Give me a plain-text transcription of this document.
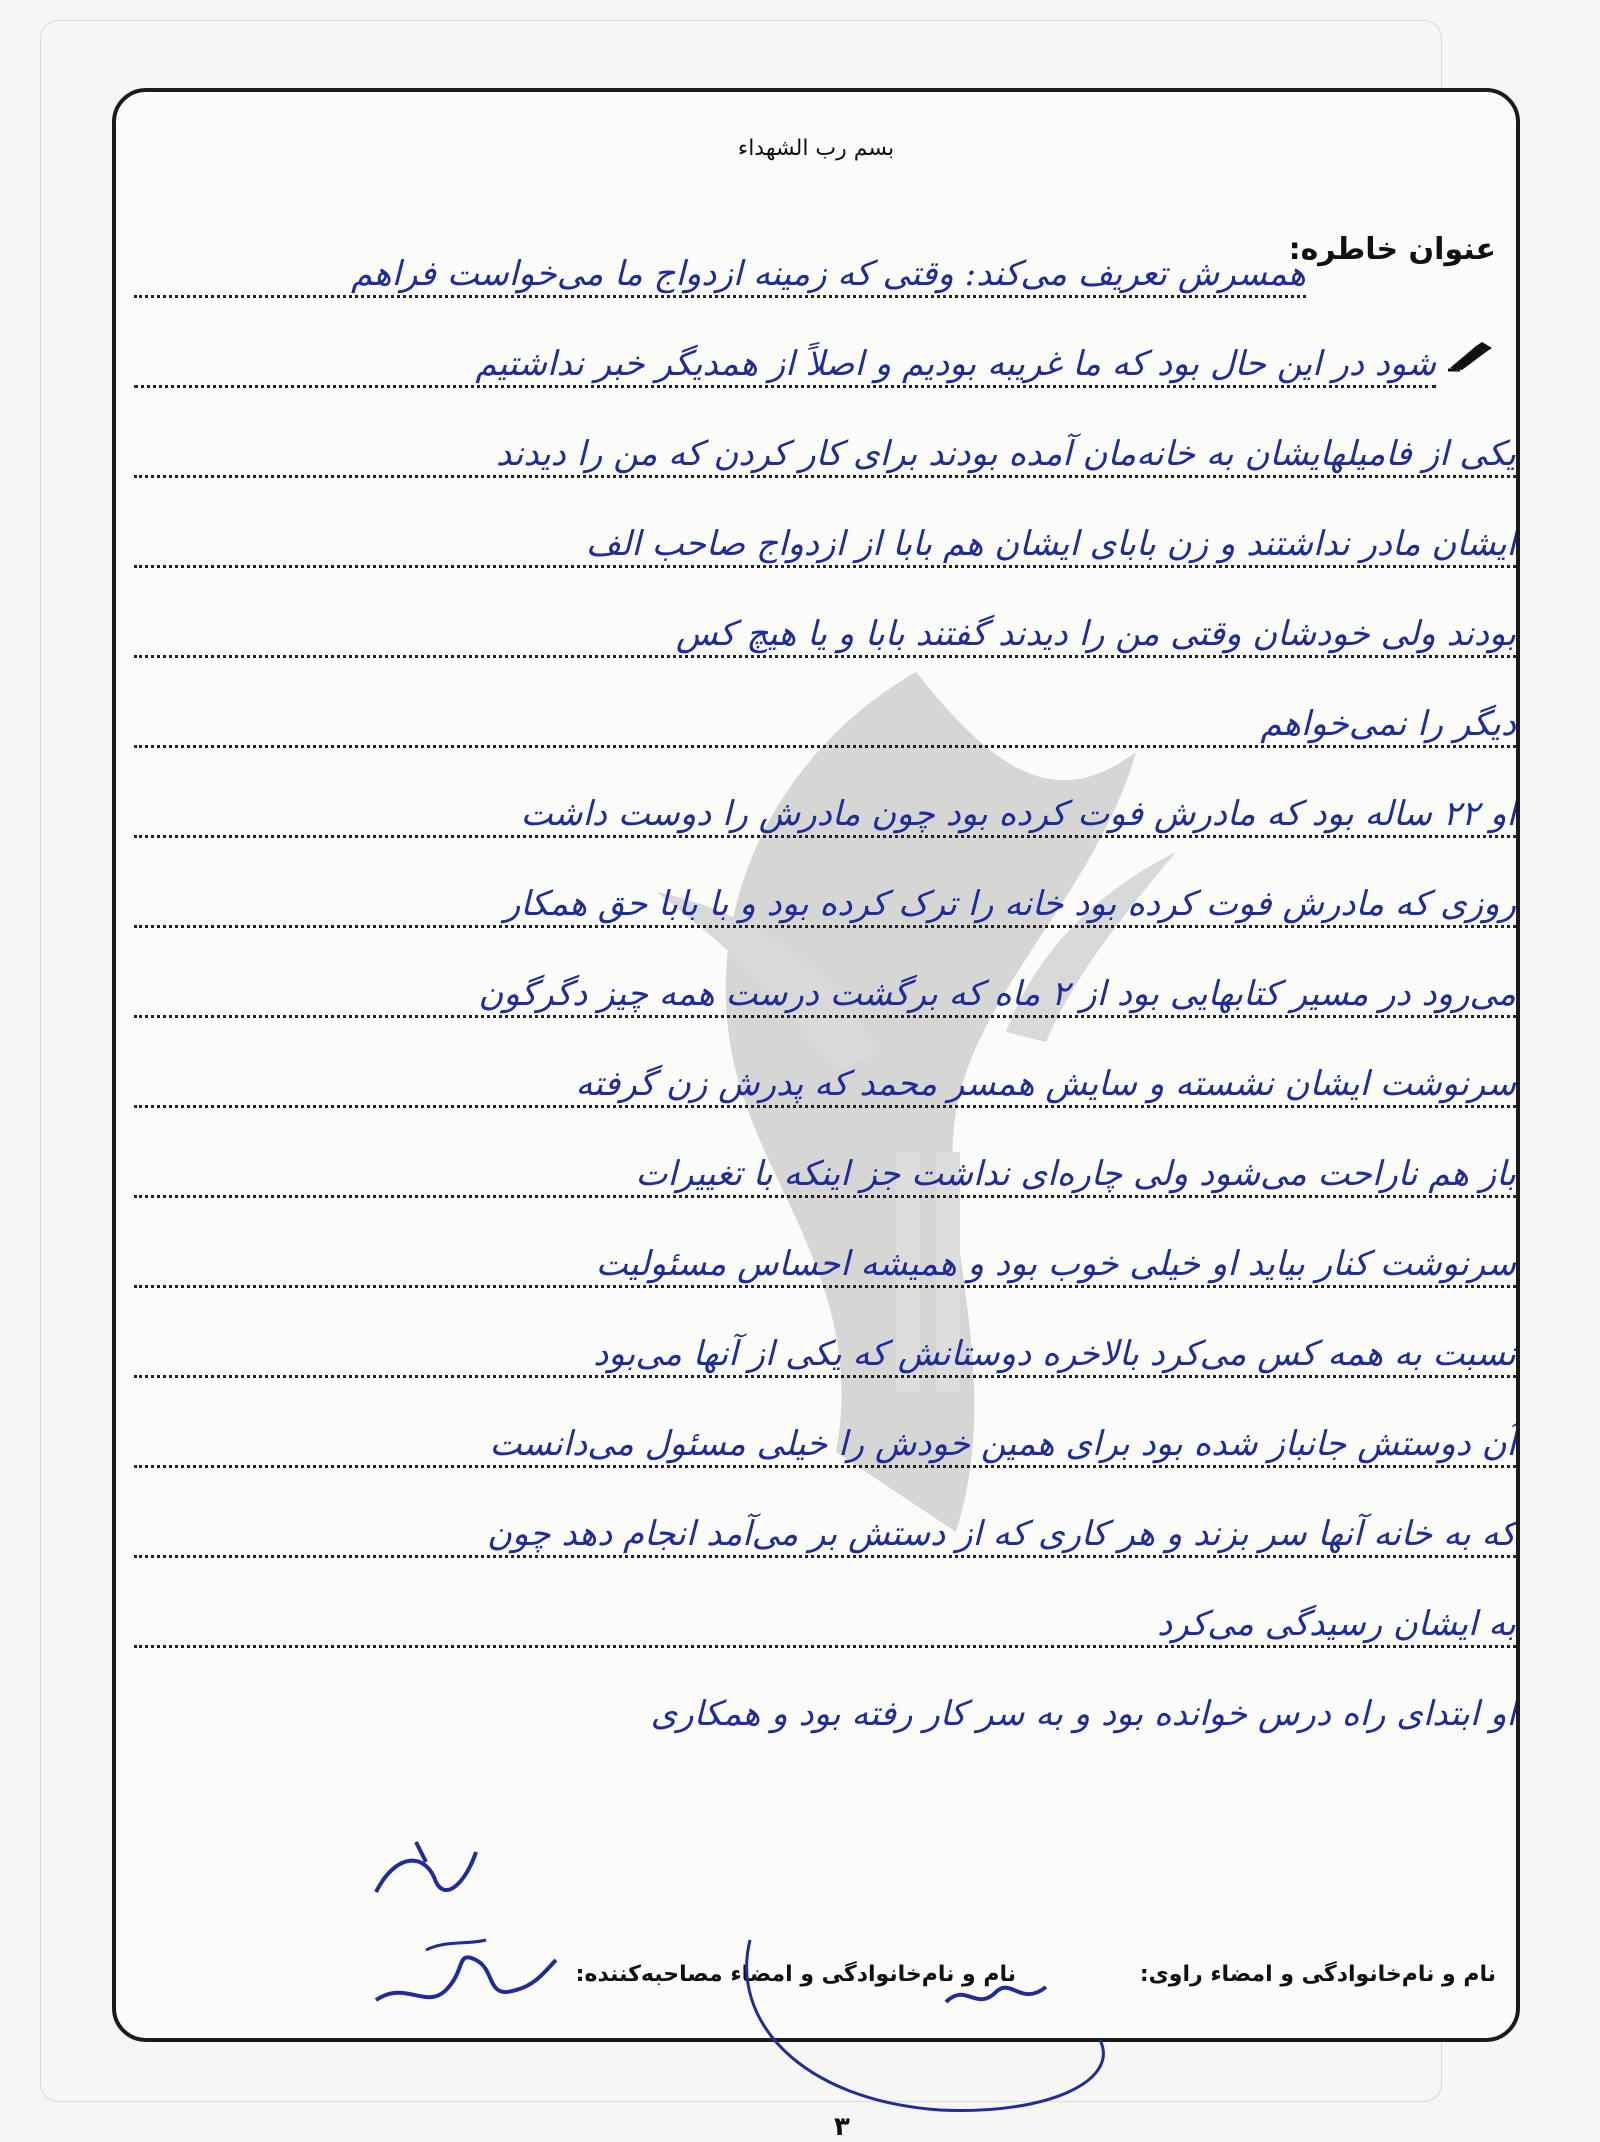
بسم رب الشهداء
عنوان خاطره:
همسرش تعریف می‌کند: وقتی که زمینه ازدواج ما می‌خواست فراهم
شود در این حال بود که ما غریبه بودیم و اصلاً از همدیگر خبر نداشتیم
یکی از فامیلهایشان به خانه‌مان آمده بودند برای کار کردن که من را دیدند
ایشان مادر نداشتند و زن بابای ایشان هم بابا از ازدواج صاحب الف
بودند ولی خودشان وقتی من را دیدند گفتند بابا و یا هیچ کس
دیگر را نمی‌خواهم
او ۲۲ ساله بود که مادرش فوت کرده بود چون مادرش را دوست داشت
روزی که مادرش فوت کرده بود خانه را ترک کرده بود و با بابا حق همکار
می‌رود در مسیر کتابهایی بود از ۲ ماه که برگشت درست همه چیز دگرگون
سرنوشت ایشان نشسته و سایش همسر محمد که پدرش زن گرفته
باز هم ناراحت می‌شود ولی چاره‌ای نداشت جز اینکه با تغییرات
سرنوشت کنار بیاید او خیلی خوب بود و همیشه احساس مسئولیت
نسبت به همه کس می‌کرد بالاخره دوستانش که یکی از آنها می‌بود
آن دوستش جانباز شده بود برای همین خودش را خیلی مسئول می‌دانست
که به خانه آنها سر بزند و هر کاری که از دستش بر می‌آمد انجام دهد چون
به ایشان رسیدگی می‌کرد
او ابتدای راه درس خوانده بود و به سر کار رفته بود و همکاری
نام و نام‌خانوادگی و امضاء راوی:
نام و نام‌خانوادگی و امضاء مصاحبه‌کننده:
۳
